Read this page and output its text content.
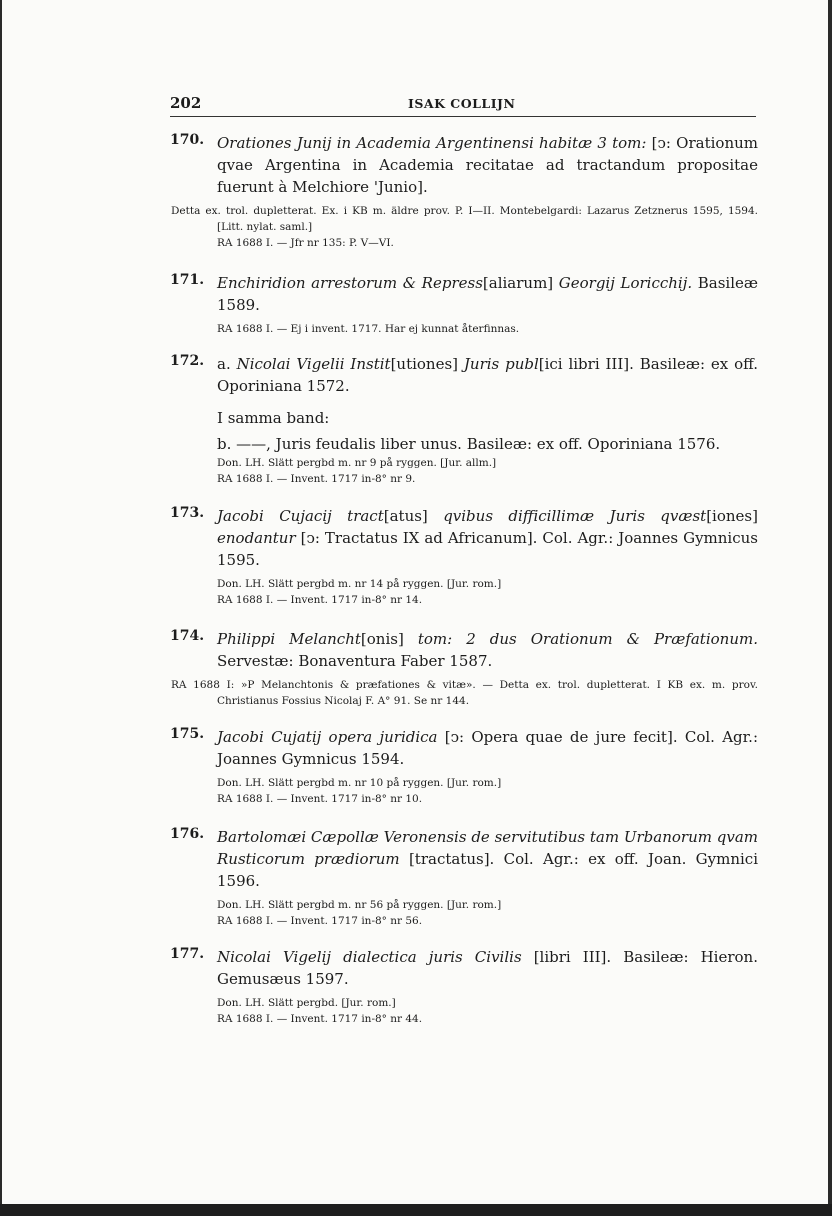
202	ISAK COLLIJN
170. Orationes Junij in Academia Argentinensi habitæ 3 tom: [ↄ: Orationum qvae Argentina in Academia recitatae ad tractandum propositae fuerunt à Melchiore 'Junio].
Detta ex. trol. dupletterat. Ex. i KB m. äldre prov. P. I—II. Montebelgardi: Lazarus Zetznerus 1595, 1594. [Litt. nylat. saml.]
RA 1688 I. — Jfr nr 135: P. V—VI.
171. Enchiridion arrestorum & Repress[aliarum] Georgij Loricchij. Basileæ 1589.
RA 1688 I. — Ej i invent. 1717. Har ej kunnat återfinnas.
172. a. Nicolai Vigelii Instit[utiones] Juris publ[ici libri III]. Basileæ: ex off. Oporiniana 1572.
I samma band:
b. ——, Juris feudalis liber unus. Basileæ: ex off. Oporiniana 1576.
Don. LH. Slätt pergbd m. nr 9 på ryggen. [Jur. allm.]
RA 1688 I. — Invent. 1717 in-8° nr 9.
173. Jacobi Cujacij tract[atus] qvibus difficillimæ Juris qvæst[iones] enodantur [ↄ: Tractatus IX ad Africanum]. Col. Agr.: Joannes Gymnicus 1595.
Don. LH. Slätt pergbd m. nr 14 på ryggen. [Jur. rom.]
RA 1688 I. — Invent. 1717 in-8° nr 14.
174. Philippi Melancht[onis] tom: 2 dus Orationum & Præfationum. Servestæ: Bonaventura Faber 1587.
RA 1688 I: »P Melanchtonis & præfationes & vitæ». — Detta ex. trol. dupletterat. I KB ex. m. prov. Christianus Fossius Nicolaj F. A° 91. Se nr 144.
175. Jacobi Cujatij opera juridica [ↄ: Opera quae de jure fecit]. Col. Agr.: Joannes Gymnicus 1594.
Don. LH. Slätt pergbd m. nr 10 på ryggen. [Jur. rom.]
RA 1688 I. — Invent. 1717 in-8° nr 10.
176. Bartolomæi Cæpollæ Veronensis de servitutibus tam Urbanorum qvam Rusticorum prædiorum [tractatus]. Col. Agr.: ex off. Joan. Gymnici 1596.
Don. LH. Slätt pergbd m. nr 56 på ryggen. [Jur. rom.]
RA 1688 I. — Invent. 1717 in-8° nr 56.
177. Nicolai Vigelij dialectica juris Civilis [libri III]. Basileæ: Hieron. Gemusæus 1597.
Don. LH. Slätt pergbd. [Jur. rom.]
RA 1688 I. — Invent. 1717 in-8° nr 44.
